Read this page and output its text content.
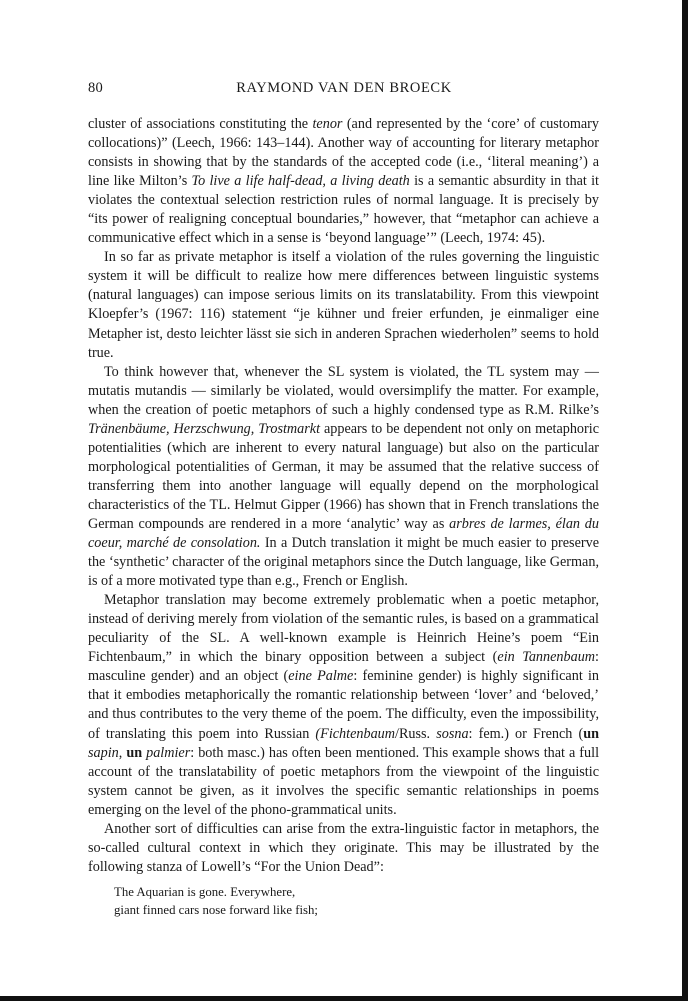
80	RAYMOND VAN DEN BROECK

cluster of associations constituting the tenor (and represented by the ‘core’ of customary collocations)” (Leech, 1966: 143–144). Another way of accounting for literary metaphor consists in showing that by the standards of the accepted code (i.e., ‘literal meaning’) a line like Milton’s To live a life half-dead, a living death is a semantic absurdity in that it violates the contextual selection restriction rules of normal language. It is precisely by “its power of realigning conceptual boundaries,” however, that “metaphor can achieve a communicative effect which in a sense is ‘beyond language’” (Leech, 1974: 45).

In so far as private metaphor is itself a violation of the rules governing the linguistic system it will be difficult to realize how mere differences between linguistic systems (natural languages) can impose serious limits on its translatability. From this viewpoint Kloepfer’s (1967: 116) statement “je kühner und freier erfunden, je einmaliger eine Metapher ist, desto leichter lässt sie sich in anderen Sprachen wiederholen” seems to hold true.

To think however that, whenever the SL system is violated, the TL system may — mutatis mutandis — similarly be violated, would oversimplify the matter. For example, when the creation of poetic metaphors of such a highly condensed type as R.M. Rilke’s Tränenbäume, Herzschwung, Trostmarkt appears to be dependent not only on metaphoric potentialities (which are inherent to every natural language) but also on the particular morphological potentialities of German, it may be assumed that the relative success of transferring them into another language will equally depend on the morphological characteristics of the TL. Helmut Gipper (1966) has shown that in French translations the German compounds are rendered in a more ‘analytic’ way as arbres de larmes, élan du coeur, marché de consolation. In a Dutch translation it might be much easier to preserve the ‘synthetic’ character of the original metaphors since the Dutch language, like German, is of a more motivated type than e.g., French or English.

Metaphor translation may become extremely problematic when a poetic metaphor, instead of deriving merely from violation of the semantic rules, is based on a grammatical peculiarity of the SL. A well-known example is Heinrich Heine’s poem “Ein Fichtenbaum,” in which the binary opposition between a subject (ein Tannenbaum: masculine gender) and an object (eine Palme: feminine gender) is highly significant in that it embodies metaphorically the romantic relationship between ‘lover’ and ‘beloved,’ and thus contributes to the very theme of the poem. The difficulty, even the impossibility, of translating this poem into Russian (Fichtenbaum/Russ. sosna: fem.) or French (un sapin, un palmier: both masc.) has often been mentioned. This example shows that a full account of the translatability of poetic metaphors from the viewpoint of the linguistic system cannot be given, as it involves the specific semantic relationships in poems emerging on the level of the phono-grammatical units.

Another sort of difficulties can arise from the extra-linguistic factor in metaphors, the so-called cultural context in which they originate. This may be illustrated by the following stanza of Lowell’s “For the Union Dead”:

The Aquarian is gone. Everywhere,
giant finned cars nose forward like fish;
